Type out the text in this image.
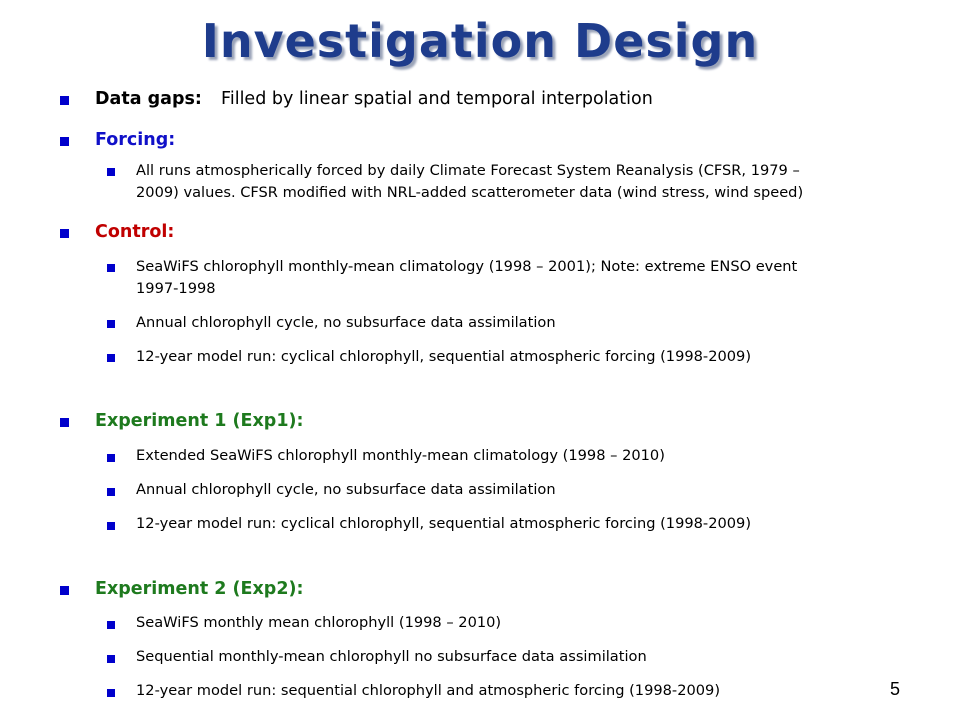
Investigation Design
Data gaps: Filled by linear spatial and temporal interpolation
Forcing:
All runs atmospherically forced by daily Climate Forecast System Reanalysis (CFSR, 1979 –
2009) values. CFSR modified with NRL-added scatterometer data (wind stress, wind speed)
Control:
SeaWiFS chlorophyll monthly-mean climatology (1998 – 2001); Note: extreme ENSO event
1997-1998
Annual chlorophyll cycle, no subsurface data assimilation
12-year model run: cyclical chlorophyll, sequential atmospheric forcing (1998-2009)
Experiment 1 (Exp1):
Extended SeaWiFS chlorophyll monthly-mean climatology (1998 – 2010)
Annual chlorophyll cycle, no subsurface data assimilation
12-year model run: cyclical chlorophyll, sequential atmospheric forcing (1998-2009)
Experiment 2 (Exp2):
SeaWiFS monthly mean chlorophyll (1998 – 2010)
Sequential monthly-mean chlorophyll no subsurface data assimilation
12-year model run: sequential chlorophyll and atmospheric forcing (1998-2009)	5
